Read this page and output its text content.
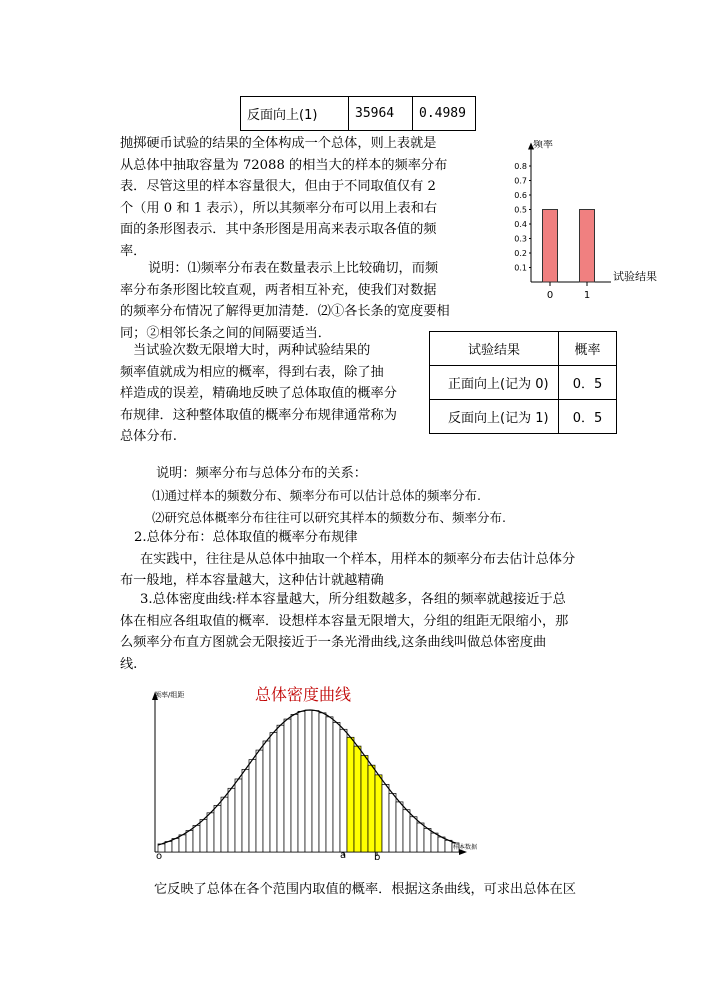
反面向上(1)	35964	0.4989
抛掷硬币试验的结果的全体构成一个总体，则上表就是
从总体中抽取容量为 72088 的相当大的样本的频率分布
表．尽管这里的样本容量很大，但由于不同取值仅有 2
个（用 0 和 1 表示），所以其频率分布可以用上表和右
面的条形图表示．其中条形图是用高来表示取各值的频
率．
说明：⑴频率分布表在数量表示上比较确切，而频
率分布条形图比较直观，两者相互补充，使我们对数据
的频率分布情况了解得更加清楚．⑵①各长条的宽度要相
同；②相邻长条之间的间隔要适当．
当试验次数无限增大时，两种试验结果的
频率值就成为相应的概率，得到右表，除了抽
样造成的误差，精确地反映了总体取值的概率分
布规律．这种整体取值的概率分布规律通常称为
总体分布.
频率
0.1
0.2
0.3
0.4
0.5
0.6
0.7
0.8
0	1
试验结果
试验结果	概率
正面向上(记为 0)	0．5
反面向上(记为 1)	0．5
说明：频率分布与总体分布的关系：
⑴通过样本的频数分布、频率分布可以估计总体的频率分布.
⑵研究总体概率分布往往可以研究其样本的频数分布、频率分布.
2.总体分布：总体取值的概率分布规律
在实践中，往往是从总体中抽取一个样本，用样本的频率分布去估计总体分
布一般地，样本容量越大，这种估计就越精确
3.总体密度曲线:样本容量越大，所分组数越多，各组的频率就越接近于总
体在相应各组取值的概率．设想样本容量无限增大，分组的组距无限缩小，那
么频率分布直方图就会无限接近于一条光滑曲线,这条曲线叫做总体密度曲
线.
总体密度曲线
频率/组距
样本数据
o	a	b
它反映了总体在各个范围内取值的概率．根据这条曲线，可求出总体在区
